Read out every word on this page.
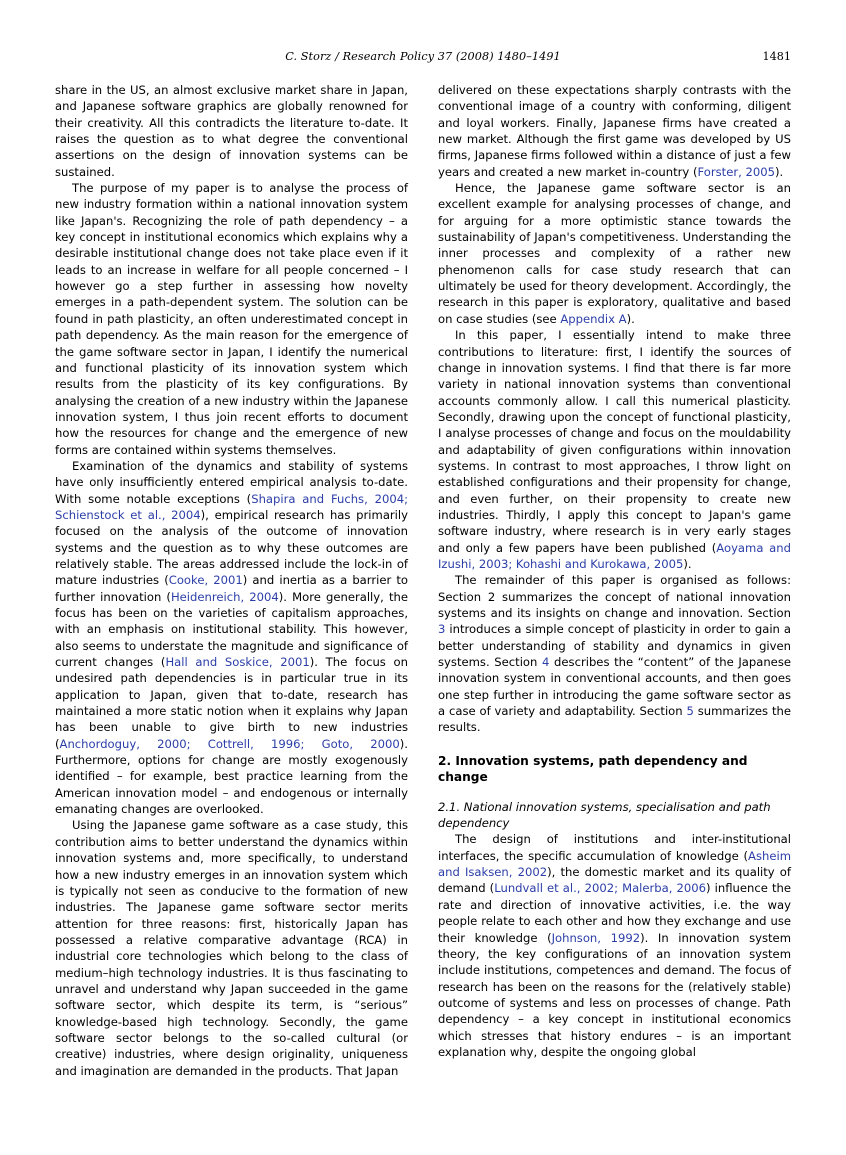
C. Storz / Research Policy 37 (2008) 1480–1491	1481

share in the US, an almost exclusive market share in Japan, and Japanese software graphics are globally renowned for their creativity. All this contradicts the literature to-date. It raises the question as to what degree the conventional assertions on the design of innovation systems can be sustained.

The purpose of my paper is to analyse the process of new industry formation within a national innovation system like Japan's. Recognizing the role of path dependency – a key concept in institutional economics which explains why a desirable institutional change does not take place even if it leads to an increase in welfare for all people concerned – I however go a step further in assessing how novelty emerges in a path-dependent system. The solution can be found in path plasticity, an often underestimated concept in path dependency. As the main reason for the emergence of the game software sector in Japan, I identify the numerical and functional plasticity of its innovation system which results from the plasticity of its key configurations. By analysing the creation of a new industry within the Japanese innovation system, I thus join recent efforts to document how the resources for change and the emergence of new forms are contained within systems themselves.

Examination of the dynamics and stability of systems have only insufficiently entered empirical analysis to-date. With some notable exceptions (Shapira and Fuchs, 2004; Schienstock et al., 2004), empirical research has primarily focused on the analysis of the outcome of innovation systems and the question as to why these outcomes are relatively stable. The areas addressed include the lock-in of mature industries (Cooke, 2001) and inertia as a barrier to further innovation (Heidenreich, 2004). More generally, the focus has been on the varieties of capitalism approaches, with an emphasis on institutional stability. This however, also seems to understate the magnitude and significance of current changes (Hall and Soskice, 2001). The focus on undesired path dependencies is in particular true in its application to Japan, given that to-date, research has maintained a more static notion when it explains why Japan has been unable to give birth to new industries (Anchordoguy, 2000; Cottrell, 1996; Goto, 2000). Furthermore, options for change are mostly exogenously identified – for example, best practice learning from the American innovation model – and endogenous or internally emanating changes are overlooked.

Using the Japanese game software as a case study, this contribution aims to better understand the dynamics within innovation systems and, more specifically, to understand how a new industry emerges in an innovation system which is typically not seen as conducive to the formation of new industries. The Japanese game software sector merits attention for three reasons: first, historically Japan has possessed a relative comparative advantage (RCA) in industrial core technologies which belong to the class of medium–high technology industries. It is thus fascinating to unravel and understand why Japan succeeded in the game software sector, which despite its term, is “serious” knowledge-based high technology. Secondly, the game software sector belongs to the so-called cultural (or creative) industries, where design originality, uniqueness and imagination are demanded in the products. That Japan

delivered on these expectations sharply contrasts with the conventional image of a country with conforming, diligent and loyal workers. Finally, Japanese firms have created a new market. Although the first game was developed by US firms, Japanese firms followed within a distance of just a few years and created a new market in-country (Forster, 2005).

Hence, the Japanese game software sector is an excellent example for analysing processes of change, and for arguing for a more optimistic stance towards the sustainability of Japan's competitiveness. Understanding the inner processes and complexity of a rather new phenomenon calls for case study research that can ultimately be used for theory development. Accordingly, the research in this paper is exploratory, qualitative and based on case studies (see Appendix A).

In this paper, I essentially intend to make three contributions to literature: first, I identify the sources of change in innovation systems. I find that there is far more variety in national innovation systems than conventional accounts commonly allow. I call this numerical plasticity. Secondly, drawing upon the concept of functional plasticity, I analyse processes of change and focus on the mouldability and adaptability of given configurations within innovation systems. In contrast to most approaches, I throw light on established configurations and their propensity for change, and even further, on their propensity to create new industries. Thirdly, I apply this concept to Japan's game software industry, where research is in very early stages and only a few papers have been published (Aoyama and Izushi, 2003; Kohashi and Kurokawa, 2005).

The remainder of this paper is organised as follows: Section 2 summarizes the concept of national innovation systems and its insights on change and innovation. Section 3 introduces a simple concept of plasticity in order to gain a better understanding of stability and dynamics in given systems. Section 4 describes the “content” of the Japanese innovation system in conventional accounts, and then goes one step further in introducing the game software sector as a case of variety and adaptability. Section 5 summarizes the results.

2. Innovation systems, path dependency and change
2.1. National innovation systems, specialisation and path dependency

The design of institutions and inter-institutional interfaces, the specific accumulation of knowledge (Asheim and Isaksen, 2002), the domestic market and its quality of demand (Lundvall et al., 2002; Malerba, 2006) influence the rate and direction of innovative activities, i.e. the way people relate to each other and how they exchange and use their knowledge (Johnson, 1992). In innovation system theory, the key configurations of an innovation system include institutions, competences and demand. The focus of research has been on the reasons for the (relatively stable) outcome of systems and less on processes of change. Path dependency – a key concept in institutional economics which stresses that history endures – is an important explanation why, despite the ongoing global
